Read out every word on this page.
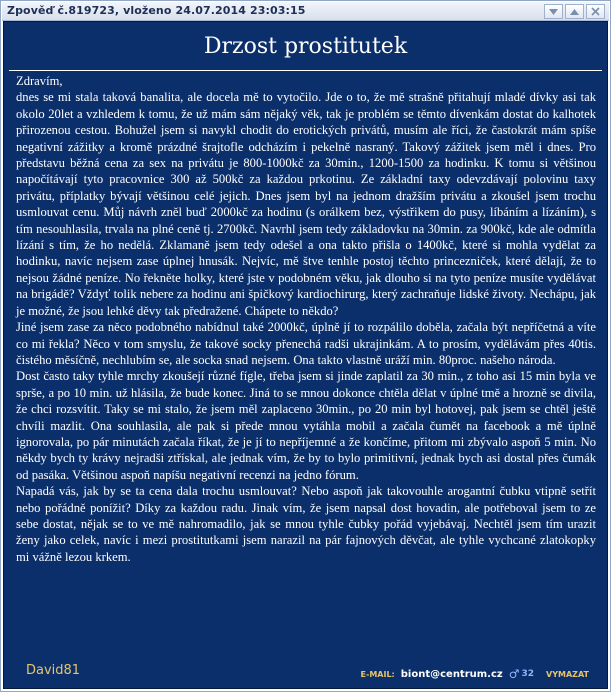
Zpověď č.819723, vloženo 24.07.2014 23:03:15
Drzost prostitutek

Zdravím,

dnes se mi stala taková banalita, ale docela mě to vytočilo. Jde o to, že mě strašně přitahují mladé dívky asi tak okolo 20let a vzhledem k tomu, že už mám sám nějaký věk, tak je problém se těmto dívenkám dostat do kalhotek přirozenou cestou. Bohužel jsem si navykl chodit do erotických privátů, musím ale říci, že častokrát mám spíše negativní zážitky a kromě prázdné šrajtofle odcházím i pekelně nasraný. Takový zážitek jsem měl i dnes. Pro představu běžná cena za sex na privátu je 800-1000kč za 30min., 1200-1500 za hodinku. K tomu si většinou napočítávají tyto pracovnice 300 až 500kč za každou prkotinu. Ze základní taxy odevzdávají polovinu taxy privátu, příplatky bývají většinou celé jejich. Dnes jsem byl na jednom dražším privátu a zkoušel jsem trochu usmlouvat cenu. Můj návrh zněl buď 2000kč za hodinu (s orálkem bez, výstřikem do pusy, líbáním a lízáním), s tím nesouhlasila, trvala na plné ceně tj. 2700kč. Navrhl jsem tedy základovku na 30min. za 900kč, kde ale odmítla lízání s tím, že ho nedělá. Zklamaně jsem tedy odešel a ona takto přišla o 1400kč, které si mohla vydělat za hodinku, navíc nejsem zase úplnej hnusák. Nejvíc, mě štve tenhle postoj těchto princezniček, které dělají, že to nejsou žádné peníze. No řekněte holky, které jste v podobném věku, jak dlouho si na tyto peníze musíte vydělávat na brigádě? Vždyť tolik nebere za hodinu ani špičkový kardiochirurg, který zachraňuje lidské životy. Nechápu, jak je možné, že jsou lehké děvy tak předražené. Chápete to někdo?

Jiné jsem zase za něco podobného nabídnul také 2000kč, úplně jí to rozpálilo doběla, začala být nepříčetná a víte co mi řekla? Něco v tom smyslu, že takové socky přenechá radši ukrajinkám. A to prosím, vydělávám přes 40tis. čistého měsíčně, nechlubím se, ale socka snad nejsem. Ona takto vlastně uráží min. 80proc. našeho národa.

Dost často taky tyhle mrchy zkoušejí různé fígle, třeba jsem si jinde zaplatil za 30 min., z toho asi 15 min byla ve sprše, a po 10 min. už hlásila, že bude konec. Jiná to se mnou dokonce chtěla dělat v úplné tmě a hrozně se divila, že chci rozsvítit. Taky se mi stalo, že jsem měl zaplaceno 30min., po 20 min byl hotovej, pak jsem se chtěl ještě chvíli mazlit. Ona souhlasila, ale pak si přede mnou vytáhla mobil a začala čumět na facebook a mě úplně ignorovala, po pár minutách začala říkat, že je jí to nepříjemné a že končíme, přitom mi zbývalo aspoň 5 min. No někdy bych ty krávy nejradši ztřískal, ale jednak vím, že by to bylo primitivní, jednak bych asi dostal přes čumák od pasáka. Většinou aspoň napíšu negativní recenzi na jedno fórum.

Napadá vás, jak by se ta cena dala trochu usmlouvat? Nebo aspoň jak takovouhle arogantní čubku vtipně setřít nebo pořádně ponížit? Díky za každou radu. Jinak vím, že jsem napsal dost hovadin, ale potřeboval jsem to ze sebe dostat, nějak se to ve mě nahromadilo, jak se mnou tyhle čubky pořád vyjebávaj. Nechtěl jsem tím urazit ženy jako celek, navíc i mezi prostitutkami jsem narazil na pár fajnových děvčat, ale tyhle vychcané zlatokopky mi vážně lezou krkem.

David81	E-MAIL: biont@centrum.cz ♂ 32 VYMAZAT
